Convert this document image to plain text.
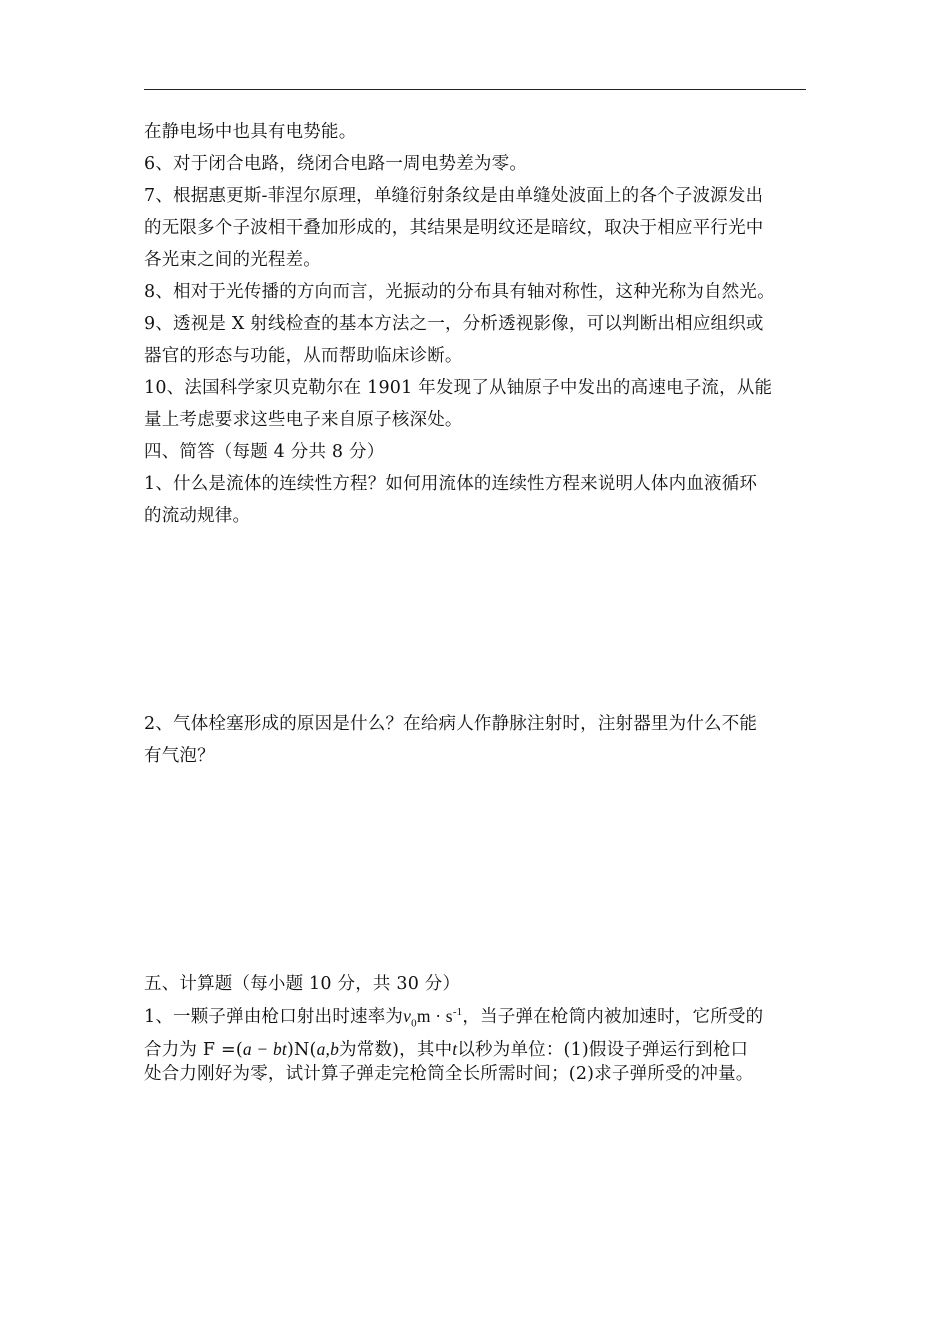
在静电场中也具有电势能。

6、对于闭合电路，绕闭合电路一周电势差为零。

7、根据惠更斯-菲涅尔原理，单缝衍射条纹是由单缝处波面上的各个子波源发出

的无限多个子波相干叠加形成的，其结果是明纹还是暗纹，取决于相应平行光中

各光束之间的光程差。

8、相对于光传播的方向而言，光振动的分布具有轴对称性，这种光称为自然光。

9、透视是 X 射线检查的基本方法之一，分析透视影像，可以判断出相应组织或

器官的形态与功能，从而帮助临床诊断。

10、法国科学家贝克勒尔在 1901 年发现了从铀原子中发出的高速电子流，从能

量上考虑要求这些电子来自原子核深处。

四、简答（每题 4 分共 8 分）

1、什么是流体的连续性方程？如何用流体的连续性方程来说明人体内血液循环

的流动规律。

2、气体栓塞形成的原因是什么？在给病人作静脉注射时，注射器里为什么不能

有气泡？

五、计算题（每小题 10 分，共 30 分）

1、一颗子弹由枪口射出时速率为$v_0m \cdot s^{-1}$，当子弹在枪筒内被加速时，它所受的

合力为 F =(a − bt)N(a,b为常数)，其中t以秒为单位：(1)假设子弹运行到枪口

处合力刚好为零，试计算子弹走完枪筒全长所需时间；(2)求子弹所受的冲量。
